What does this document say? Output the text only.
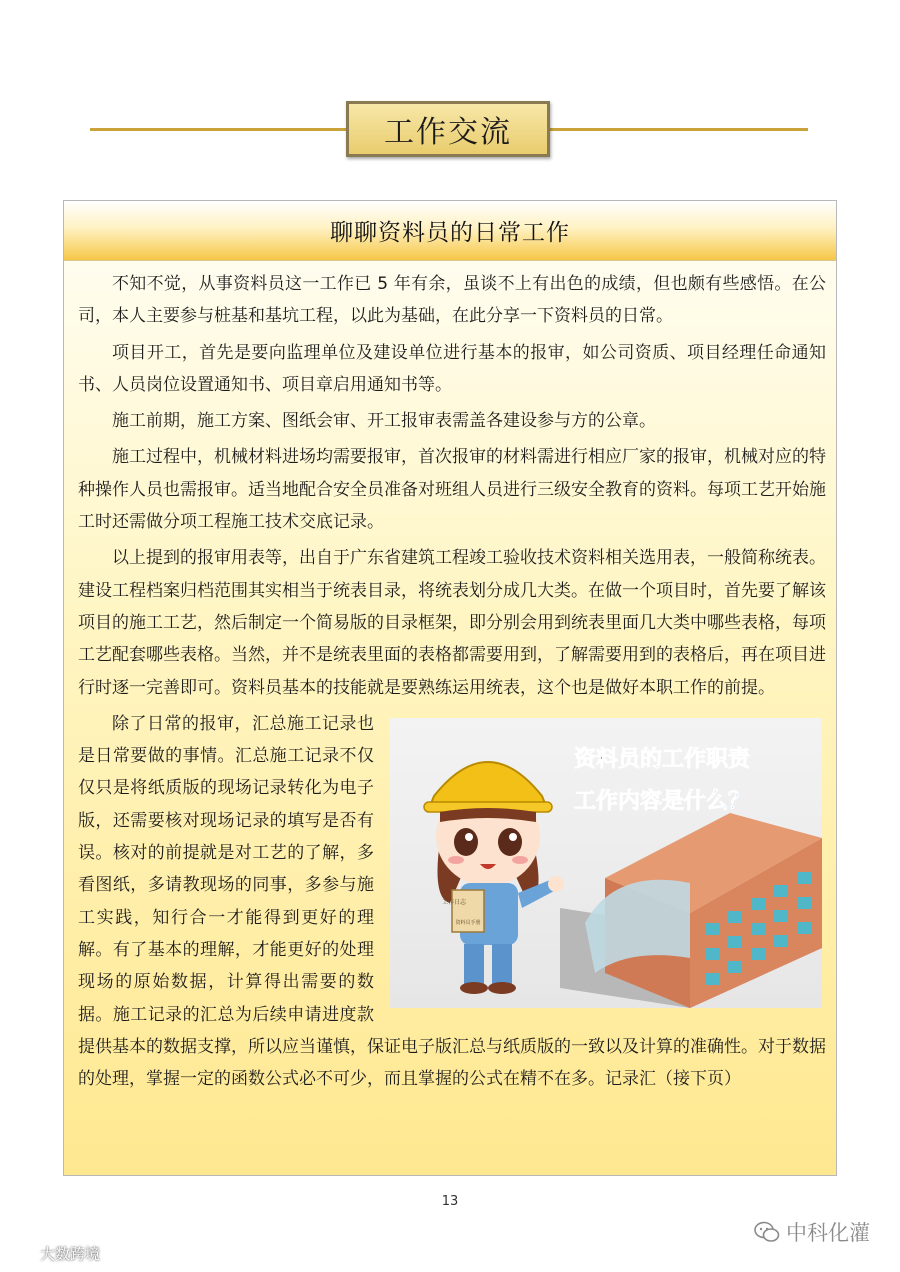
工作交流
聊聊资料员的日常工作

不知不觉，从事资料员这一工作已 5 年有余，虽谈不上有出色的成绩，但也颇有些感悟。在公司，本人主要参与桩基和基坑工程，以此为基础，在此分享一下资料员的日常。

项目开工，首先是要向监理单位及建设单位进行基本的报审，如公司资质、项目经理任命通知书、人员岗位设置通知书、项目章启用通知书等。

施工前期，施工方案、图纸会审、开工报审表需盖各建设参与方的公章。

施工过程中，机械材料进场均需要报审，首次报审的材料需进行相应厂家的报审，机械对应的特种操作人员也需报审。适当地配合安全员准备对班组人员进行三级安全教育的资料。每项工艺开始施工时还需做分项工程施工技术交底记录。

以上提到的报审用表等，出自于广东省建筑工程竣工验收技术资料相关选用表，一般简称统表。建设工程档案归档范围其实相当于统表目录，将统表划分成几大类。在做一个项目时，首先要了解该项目的施工工艺，然后制定一个简易版的目录框架，即分别会用到统表里面几大类中哪些表格，每项工艺配套哪些表格。当然，并不是统表里面的表格都需要用到，了解需要用到的表格后，再在项目进行时逐一完善即可。资料员基本的技能就是要熟练运用统表，这个也是做好本职工作的前提。

工作日志
资料员手册
资料员的工作职责
工作内容是什么？

除了日常的报审，汇总施工记录也是日常要做的事情。汇总施工记录不仅仅只是将纸质版的现场记录转化为电子版，还需要核对现场记录的填写是否有误。核对的前提就是对工艺的了解，多看图纸，多请教现场的同事，多参与施工实践，知行合一才能得到更好的理解。有了基本的理解，才能更好的处理现场的原始数据，计算得出需要的数据。施工记录的汇总为后续申请进度款提供基本的数据支撑，所以应当谨慎，保证电子版汇总与纸质版的一致以及计算的准确性。对于数据的处理，掌握一定的函数公式必不可少，而且掌握的公式在精不在多。记录汇（接下页）

13
中科化灌
大数跨境
